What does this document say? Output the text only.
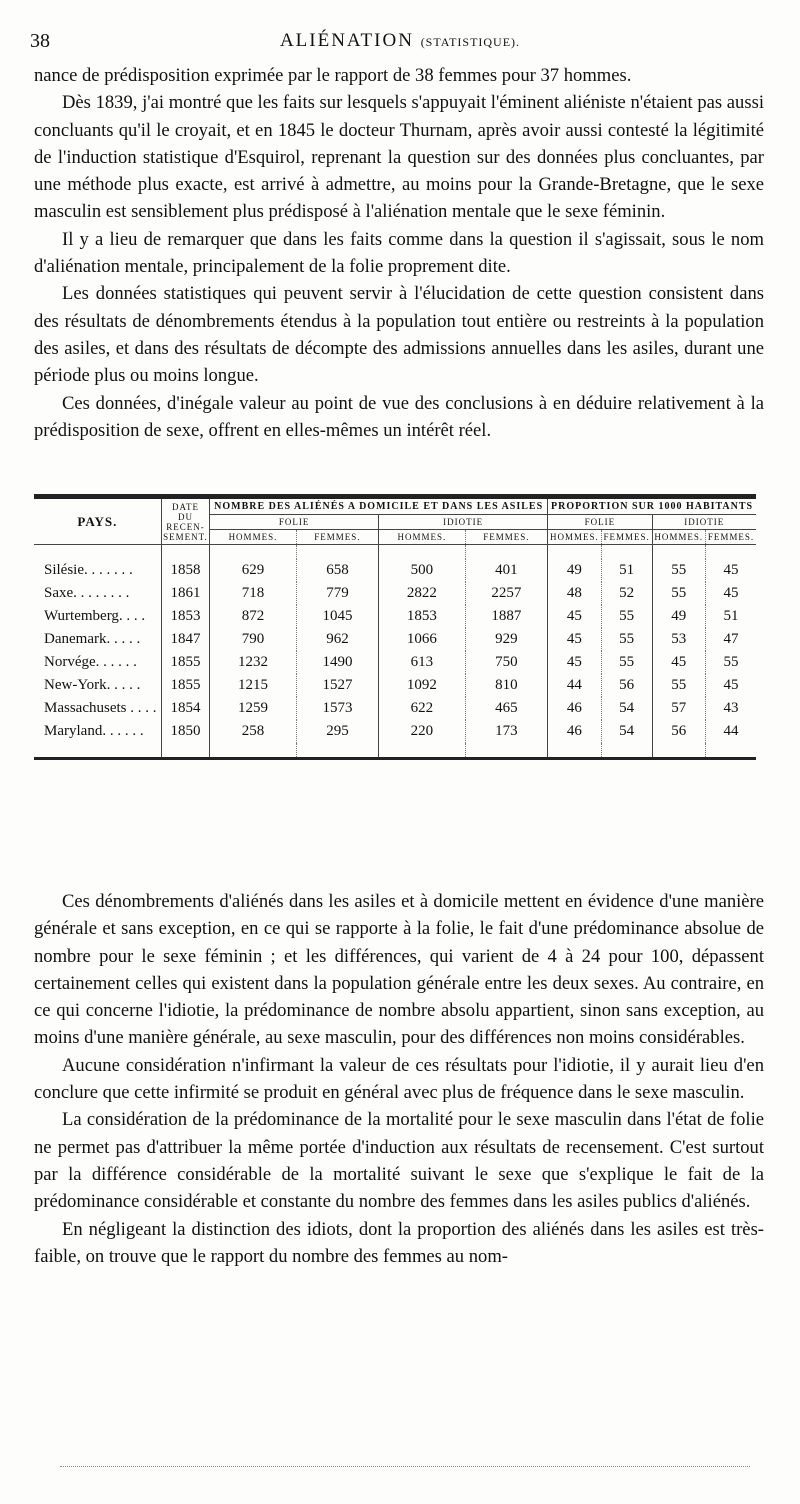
38	ALIÉNATION (STATISTIQUE).

nance de prédisposition exprimée par le rapport de 38 femmes pour 37 hommes.

Dès 1839, j'ai montré que les faits sur lesquels s'appuyait l'éminent aliéniste n'étaient pas aussi concluants qu'il le croyait, et en 1845 le docteur Thurnam, après avoir aussi contesté la légitimité de l'induction statistique d'Esquirol, reprenant la question sur des données plus concluantes, par une méthode plus exacte, est arrivé à admettre, au moins pour la Grande-Bretagne, que le sexe masculin est sensiblement plus prédisposé à l'aliénation mentale que le sexe féminin.

Il y a lieu de remarquer que dans les faits comme dans la question il s'agissait, sous le nom d'aliénation mentale, principalement de la folie proprement dite.

Les données statistiques qui peuvent servir à l'élucidation de cette question consistent dans des résultats de dénombrements étendus à la population tout entière ou restreints à la population des asiles, et dans des résultats de décompte des admissions annuelles dans les asiles, durant une période plus ou moins longue.

Ces données, d'inégale valeur au point de vue des conclusions à en déduire relativement à la prédisposition de sexe, offrent en elles-mêmes un intérêt réel.

PAYS.	DATE
DU
RECEN-
SEMENT.	NOMBRE DES ALIÉNÉS A DOMICILE ET DANS LES ASILES				PROPORTION SUR 1000 HABITANTS			
		FOLIE		IDIOTIE		FOLIE		IDIOTIE	
		HOMMES.	FEMMES.	HOMMES.	FEMMES.	HOMMES.	FEMMES.	HOMMES.	FEMMES.

Silésie. . . . . . .	1858	629	658	500	401	49	51	55	45
Saxe. . . . . . . .	1861	718	779	2822	2257	48	52	55	45
Wurtemberg. . . .	1853	872	1045	1853	1887	45	55	49	51
Danemark. . . . .	1847	790	962	1066	929	45	55	53	47
Norvége. . . . . .	1855	1232	1490	613	750	45	55	45	55
New-York. . . . .	1855	1215	1527	1092	810	44	56	55	45
Massachusets . . . .	1854	1259	1573	622	465	46	54	57	43
Maryland. . . . . .	1850	258	295	220	173	46	54	56	44

Ces dénombrements d'aliénés dans les asiles et à domicile mettent en évidence d'une manière générale et sans exception, en ce qui se rapporte à la folie, le fait d'une prédominance absolue de nombre pour le sexe féminin ; et les différences, qui varient de 4 à 24 pour 100, dépassent certainement celles qui existent dans la population générale entre les deux sexes. Au contraire, en ce qui concerne l'idiotie, la prédominance de nombre absolu appartient, sinon sans exception, au moins d'une manière générale, au sexe masculin, pour des différences non moins considérables.

Aucune considération n'infirmant la valeur de ces résultats pour l'idiotie, il y aurait lieu d'en conclure que cette infirmité se produit en général avec plus de fréquence dans le sexe masculin.

La considération de la prédominance de la mortalité pour le sexe masculin dans l'état de folie ne permet pas d'attribuer la même portée d'induction aux résultats de recensement. C'est surtout par la différence considérable de la mortalité suivant le sexe que s'explique le fait de la prédominance considérable et constante du nombre des femmes dans les asiles publics d'aliénés.

En négligeant la distinction des idiots, dont la proportion des aliénés dans les asiles est très-faible, on trouve que le rapport du nombre des femmes au nom-
